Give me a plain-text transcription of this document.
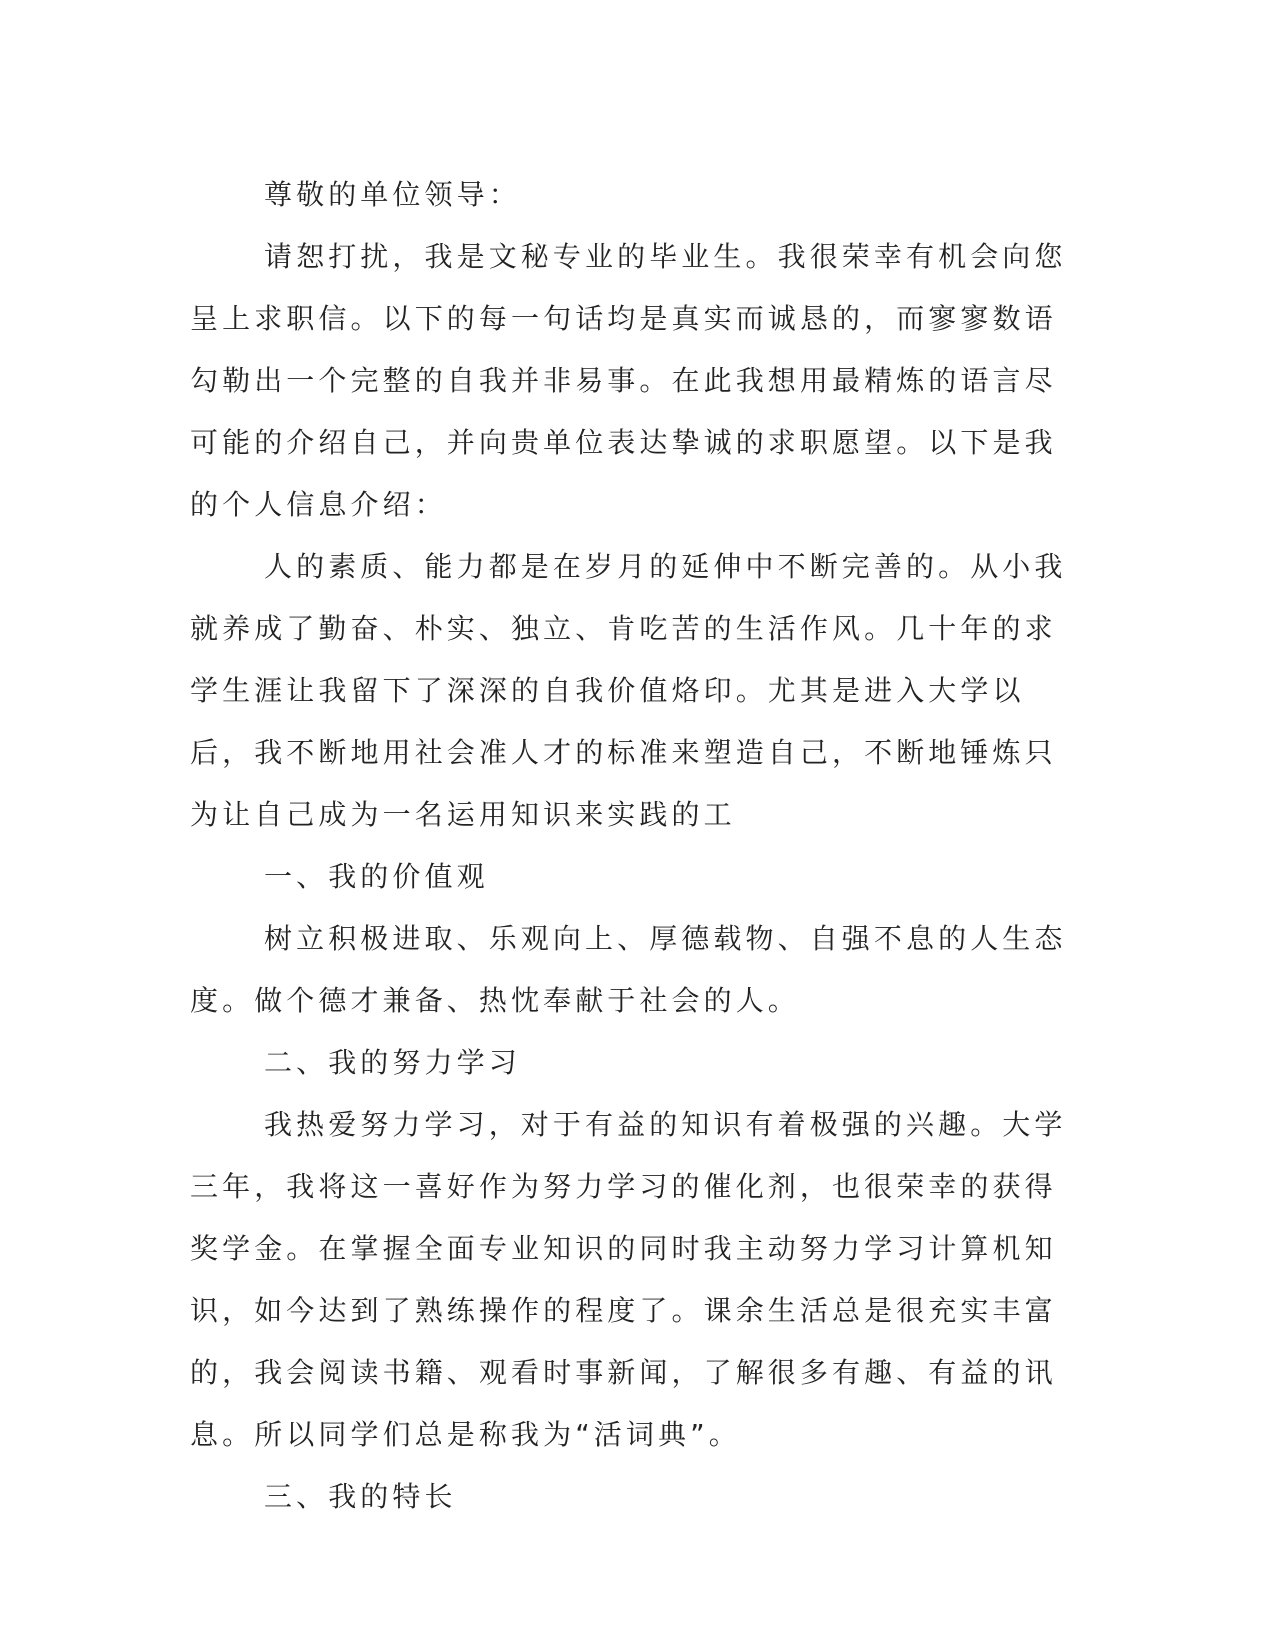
尊敬的单位领导：

请恕打扰，我是文秘专业的毕业生。我很荣幸有机会向您呈上求职信。以下的每一句话均是真实而诚恳的，而寥寥数语勾勒出一个完整的自我并非易事。在此我想用最精炼的语言尽可能的介绍自己，并向贵单位表达挚诚的求职愿望。以下是我的个人信息介绍：

人的素质、能力都是在岁月的延伸中不断完善的。从小我就养成了勤奋、朴实、独立、肯吃苦的生活作风。几十年的求学生涯让我留下了深深的自我价值烙印。尤其是进入大学以后，我不断地用社会准人才的标准来塑造自己，不断地锤炼只为让自己成为一名运用知识来实践的工

一、我的价值观

树立积极进取、乐观向上、厚德载物、自强不息的人生态度。做个德才兼备、热忱奉献于社会的人。

二、我的努力学习

我热爱努力学习，对于有益的知识有着极强的兴趣。大学三年，我将这一喜好作为努力学习的催化剂，也很荣幸的获得奖学金。在掌握全面专业知识的同时我主动努力学习计算机知识，如今达到了熟练操作的程度了。课余生活总是很充实丰富的，我会阅读书籍、观看时事新闻，了解很多有趣、有益的讯息。所以同学们总是称我为“活词典”。

三、我的特长
